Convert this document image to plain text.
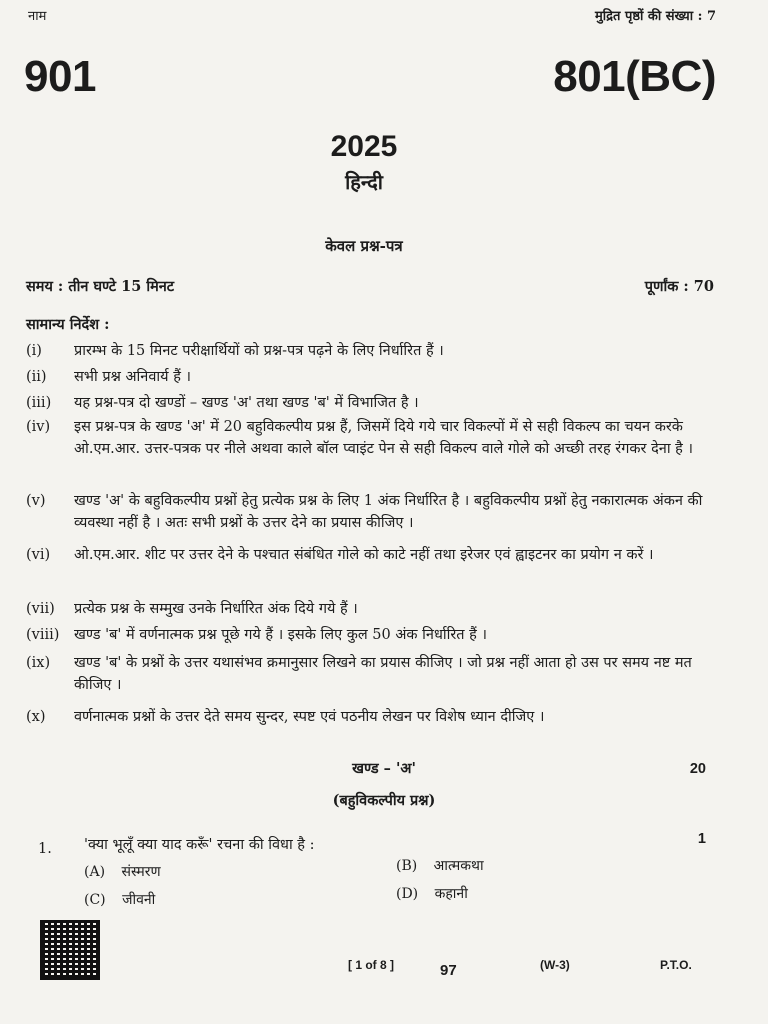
नाम	मुद्रित पृष्ठों की संख्या : 7
901	801(BC)
2025
हिन्दी
केवल प्रश्न-पत्र
समय : तीन घण्टे 15 मिनट	पूर्णांक : 70
सामान्य निर्देश :
(i)	प्रारम्भ के 15 मिनट परीक्षार्थियों को प्रश्न-पत्र पढ़ने के लिए निर्धारित हैं ।
(ii)	सभी प्रश्न अनिवार्य हैं ।
(iii)	यह प्रश्न-पत्र दो खण्डों – खण्ड 'अ' तथा खण्ड 'ब' में विभाजित है ।
(iv)	इस प्रश्न-पत्र के खण्ड 'अ' में 20 बहुविकल्पीय प्रश्न हैं, जिसमें दिये गये चार विकल्पों में से सही विकल्प का चयन करके ओ.एम.आर. उत्तर-पत्रक पर नीले अथवा काले बॉल प्वाइंट पेन से सही विकल्प वाले गोले को अच्छी तरह रंगकर देना है ।
(v)	खण्ड 'अ' के बहुविकल्पीय प्रश्नों हेतु प्रत्येक प्रश्न के लिए 1 अंक निर्धारित है । बहुविकल्पीय प्रश्नों हेतु नकारात्मक अंकन की व्यवस्था नहीं है । अतः सभी प्रश्नों के उत्तर देने का प्रयास कीजिए ।
(vi)	ओ.एम.आर. शीट पर उत्तर देने के पश्चात संबंधित गोले को काटे नहीं तथा इरेजर एवं ह्वाइटनर का प्रयोग न करें ।
(vii)	प्रत्येक प्रश्न के सम्मुख उनके निर्धारित अंक दिये गये हैं ।
(viii)	खण्ड 'ब' में वर्णनात्मक प्रश्न पूछे गये हैं । इसके लिए कुल 50 अंक निर्धारित हैं ।
(ix)	खण्ड 'ब' के प्रश्नों के उत्तर यथासंभव क्रमानुसार लिखने का प्रयास कीजिए । जो प्रश्न नहीं आता हो उस पर समय नष्ट मत कीजिए ।
(x)	वर्णनात्मक प्रश्नों के उत्तर देते समय सुन्दर, स्पष्ट एवं पठनीय लेखन पर विशेष ध्यान दीजिए ।
खण्ड – 'अ'	20
(बहुविकल्पीय प्रश्न)
1. 'क्या भूलूँ क्या याद करूँ' रचना की विधा है :	1
(A) संस्मरण	(B) आत्मकथा
(C) जीवनी	(D) कहानी
[ 1 of 8 ]	97	(W-3)	P.T.O.
